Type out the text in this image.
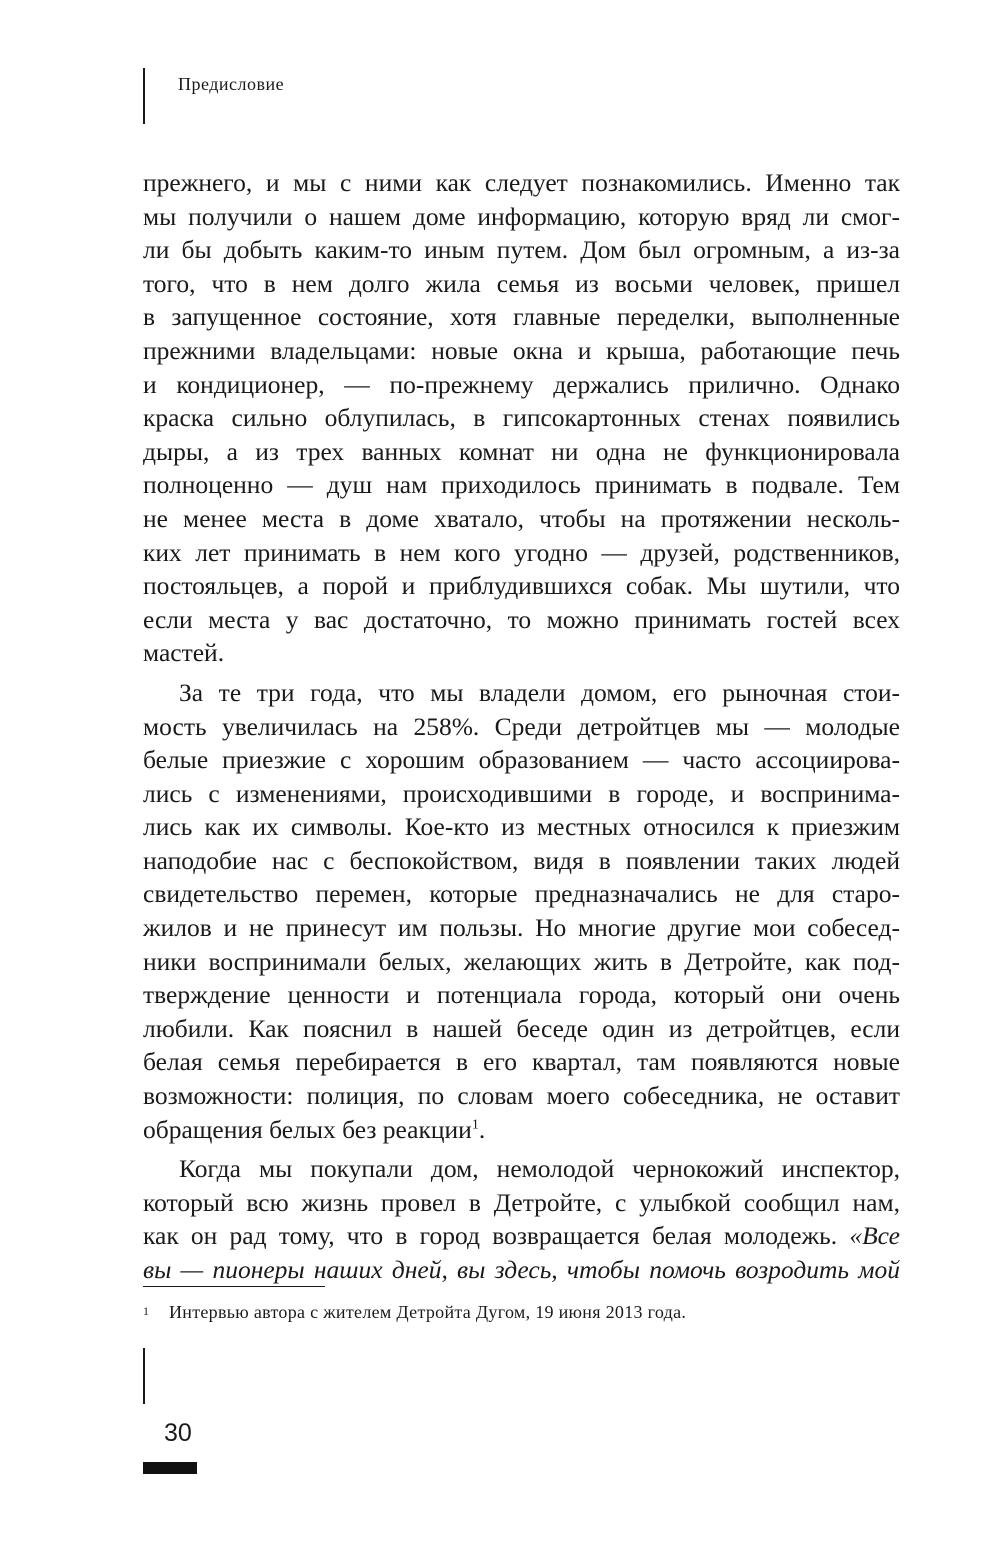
Предисловие

прежнего, и мы с ними как следует познакомились. Именно так
мы получили о нашем доме информацию, которую вряд ли смог-
ли бы добыть каким-то иным путем. Дом был огромным, а из-за
того, что в нем долго жила семья из восьми человек, пришел
в запущенное состояние, хотя главные переделки, выполненные
прежними владельцами: новые окна и крыша, работающие печь
и кондиционер, — по-прежнему держались прилично. Однако
краска сильно облупилась, в гипсокартонных стенах появились
дыры, а из трех ванных комнат ни одна не функционировала
полноценно — душ нам приходилось принимать в подвале. Тем
не менее места в доме хватало, чтобы на протяжении несколь-
ких лет принимать в нем кого угодно — друзей, родственников,
постояльцев, а порой и приблудившихся собак. Мы шутили, что
если места у вас достаточно, то можно принимать гостей всех
мастей.

За те три года, что мы владели домом, его рыночная стои-
мость увеличилась на 258%. Среди детройтцев мы — молодые
белые приезжие с хорошим образованием — часто ассоциирова-
лись с изменениями, происходившими в городе, и воспринима-
лись как их символы. Кое-кто из местных относился к приезжим
наподобие нас с беспокойством, видя в появлении таких людей
свидетельство перемен, которые предназначались не для старо-
жилов и не принесут им пользы. Но многие другие мои собесед-
ники воспринимали белых, желающих жить в Детройте, как под-
тверждение ценности и потенциала города, который они очень
любили. Как пояснил в нашей беседе один из детройтцев, если
белая семья перебирается в его квартал, там появляются новые
возможности: полиция, по словам моего собеседника, не оставит
обращения белых без реакции$^1$.

Когда мы покупали дом, немолодой чернокожий инспектор,
который всю жизнь провел в Детройте, с улыбкой сообщил нам,
как он рад тому, что в город возвращается белая молодежь. «Все
вы — пионеры наших дней, вы здесь, чтобы помочь возродить мой

1 Интервью автора с жителем Детройта Дугом, 19 июня 2013 года.
30
